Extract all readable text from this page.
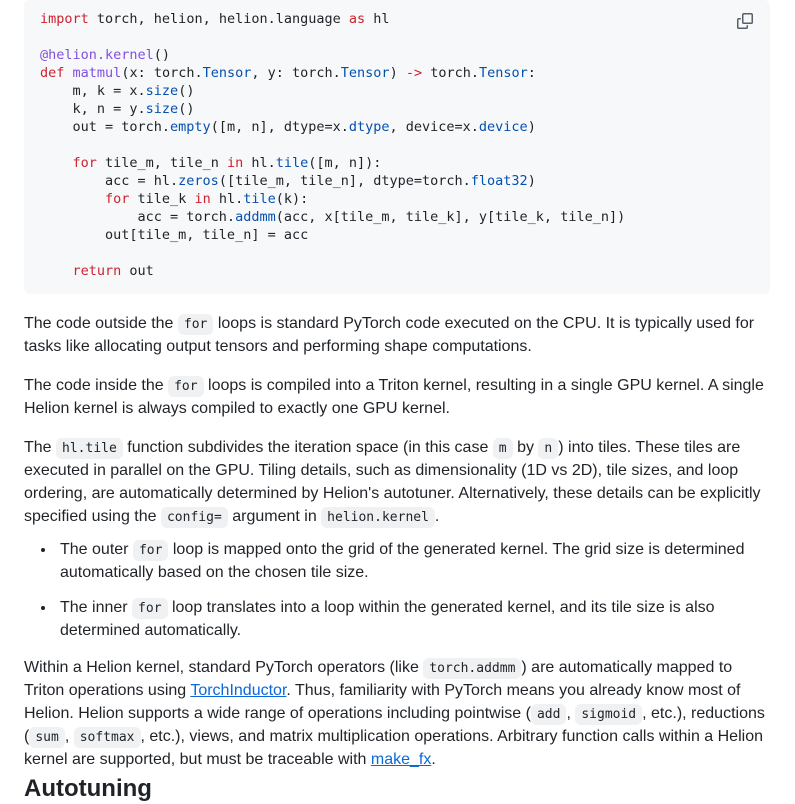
import torch, helion, helion.language as hl

@helion.kernel()
def matmul(x: torch.Tensor, y: torch.Tensor) -> torch.Tensor:
m, k = x.size()
k, n = y.size()
out = torch.empty([m, n], dtype=x.dtype, device=x.device)

for tile_m, tile_n in hl.tile([m, n]):
acc = hl.zeros([tile_m, tile_n], dtype=torch.float32)
for tile_k in hl.tile(k):
acc = torch.addmm(acc, x[tile_m, tile_k], y[tile_k, tile_n])
out[tile_m, tile_n] = acc

return out

The code outside the for loops is standard PyTorch code executed on the CPU. It is typically used for tasks like allocating output tensors and performing shape computations.

The code inside the for loops is compiled into a Triton kernel, resulting in a single GPU kernel. A single Helion kernel is always compiled to exactly one GPU kernel.

The hl.tile function subdivides the iteration space (in this case m by n ) into tiles. These tiles are executed in parallel on the GPU. Tiling details, such as dimensionality (1D vs 2D), tile sizes, and loop ordering, are automatically determined by Helion's autotuner. Alternatively, these details can be explicitly specified using the config= argument in helion.kernel .

• The outer for loop is mapped onto the grid of the generated kernel. The grid size is determined automatically based on the chosen tile size.
• The inner for loop translates into a loop within the generated kernel, and its tile size is also determined automatically.

Within a Helion kernel, standard PyTorch operators (like torch.addmm ) are automatically mapped to Triton operations using TorchInductor. Thus, familiarity with PyTorch means you already know most of Helion. Helion supports a wide range of operations including pointwise ( add , sigmoid , etc.), reductions ( sum , softmax , etc.), views, and matrix multiplication operations. Arbitrary function calls within a Helion kernel are supported, but must be traceable with make_fx.

Autotuning
